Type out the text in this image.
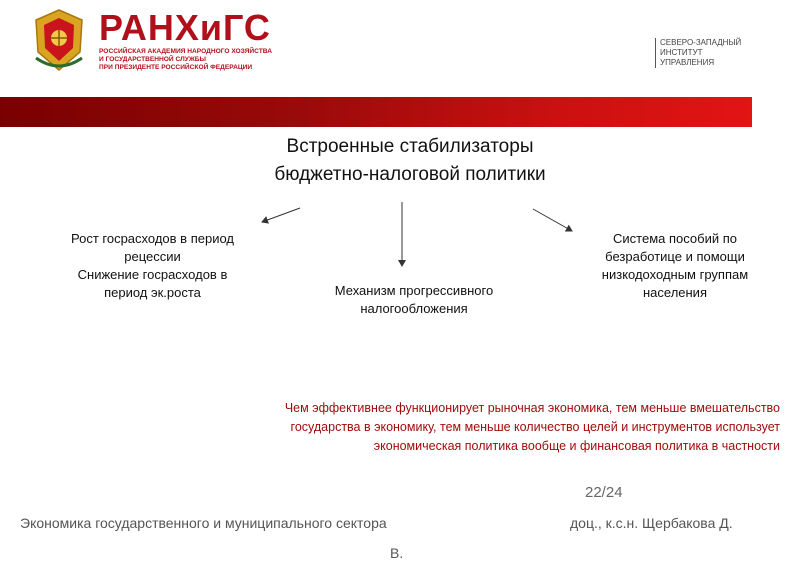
РАНХиГС
РОССИЙСКАЯ АКАДЕМИЯ НАРОДНОГО ХОЗЯЙСТВА
И ГОСУДАРСТВЕННОЙ СЛУЖБЫ
ПРИ ПРЕЗИДЕНТЕ РОССИЙСКОЙ ФЕДЕРАЦИИ
СЕВЕРО-ЗАПАДНЫЙ
ИНСТИТУТ
УПРАВЛЕНИЯ
Встроенные стабилизаторы
бюджетно-налоговой политики
Рост госрасходов в период
рецессии
Снижение госрасходов в
период эк.роста	Механизм прогрессивного
налогообложения
Система пособий по
безработице и помощи
низкодоходным группам
населения
Чем эффективнее функционирует рыночная экономика, тем меньше вмешательство
государства в экономику, тем меньше количество целей и инструментов использует
экономическая политика вообще и финансовая политика в частности
22/24
Экономика государственного и муниципального сектора	доц., к.с.н. Щербакова Д.
В.
